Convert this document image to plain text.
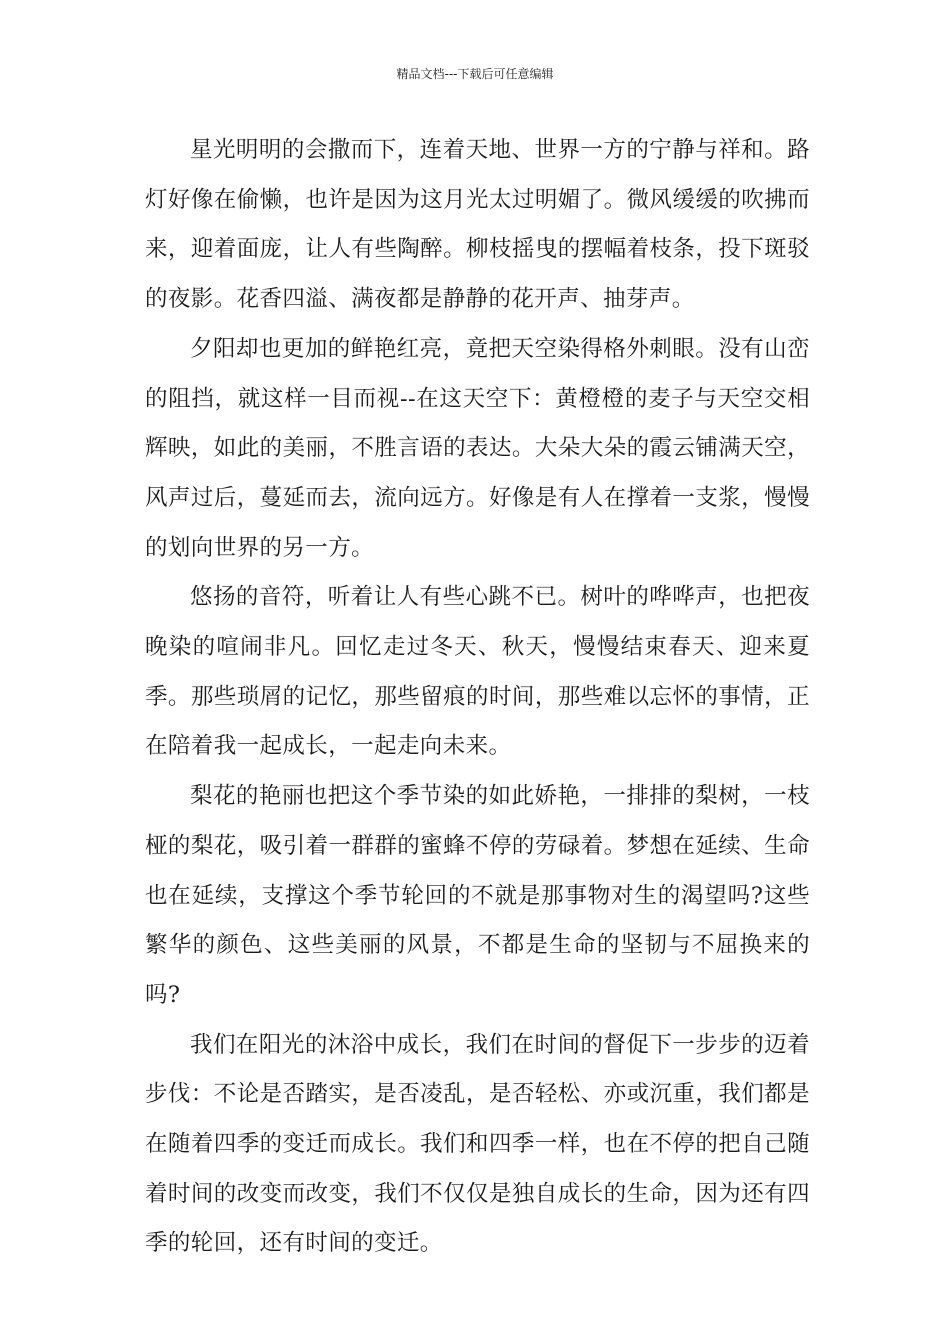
精品文档---下载后可任意编辑

星光明明的会撒而下，连着天地、世界一方的宁静与祥和。路灯好像在偷懒，也许是因为这月光太过明媚了。微风缓缓的吹拂而来，迎着面庞，让人有些陶醉。柳枝摇曳的摆幅着枝条，投下斑驳的夜影。花香四溢、满夜都是静静的花开声、抽芽声。

夕阳却也更加的鲜艳红亮，竟把天空染得格外刺眼。没有山峦的阻挡，就这样一目而视--在这天空下：黄橙橙的麦子与天空交相辉映，如此的美丽，不胜言语的表达。大朵大朵的霞云铺满天空，风声过后，蔓延而去，流向远方。好像是有人在撑着一支浆，慢慢的划向世界的另一方。

悠扬的音符，听着让人有些心跳不已。树叶的哗哗声，也把夜晚染的喧闹非凡。回忆走过冬天、秋天，慢慢结束春天、迎来夏季。那些琐屑的记忆，那些留痕的时间，那些难以忘怀的事情，正在陪着我一起成长，一起走向未来。

梨花的艳丽也把这个季节染的如此娇艳，一排排的梨树，一枝桠的梨花，吸引着一群群的蜜蜂不停的劳碌着。梦想在延续、生命也在延续，支撑这个季节轮回的不就是那事物对生的渴望吗?这些繁华的颜色、这些美丽的风景，不都是生命的坚韧与不屈换来的吗?

我们在阳光的沐浴中成长，我们在时间的督促下一步步的迈着步伐：不论是否踏实，是否凌乱，是否轻松、亦或沉重，我们都是在随着四季的变迁而成长。我们和四季一样，也在不停的把自己随着时间的改变而改变，我们不仅仅是独自成长的生命，因为还有四季的轮回，还有时间的变迁。
